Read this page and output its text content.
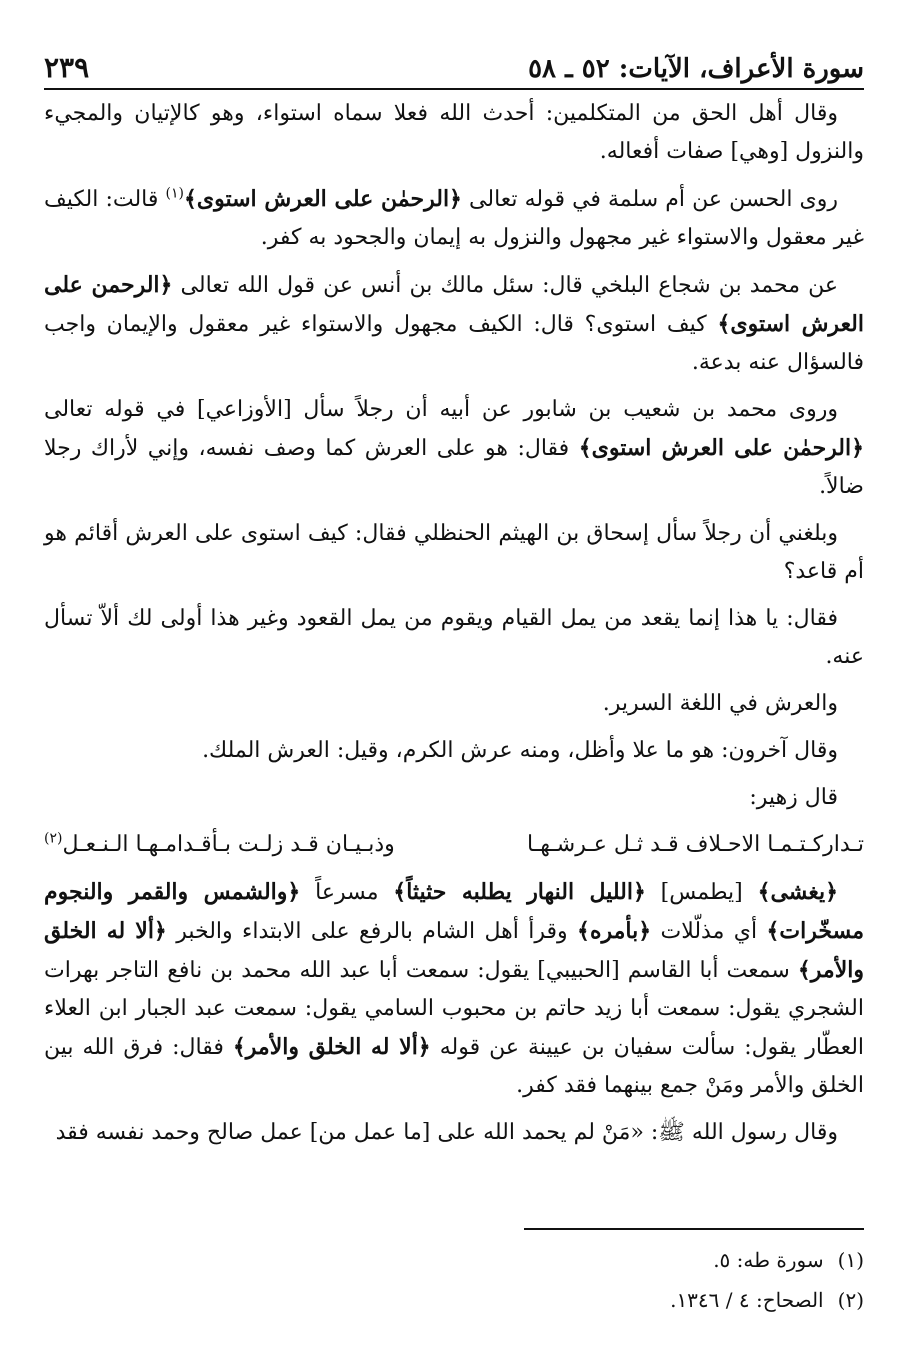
سورة الأعراف، الآيات: ٥٢ ـ ٥٨
٢٣٩

وقال أهل الحق من المتكلمين: أحدث الله فعلا سماه استواء، وهو كالإتيان والمجيء والنزول [وهي] صفات أفعاله.

روى الحسن عن أم سلمة في قوله تعالى ﴿الرحمٰن على العرش استوى﴾$^{(١)}$ قالت: الكيف غير معقول والاستواء غير مجهول والنزول به إيمان والجحود به كفر.

عن محمد بن شجاع البلخي قال: سئل مالك بن أنس عن قول الله تعالى ﴿الرحمن على العرش استوى﴾ كيف استوى؟ قال: الكيف مجهول والاستواء غير معقول والإيمان واجب فالسؤال عنه بدعة.

وروى محمد بن شعيب بن شابور عن أبيه أن رجلاً سأل [الأوزاعي] في قوله تعالى ﴿الرحمٰن على العرش استوى﴾ فقال: هو على العرش كما وصف نفسه، وإني لأراك رجلا ضالاً.

وبلغني أن رجلاً سأل إسحاق بن الهيثم الحنظلي فقال: كيف استوى على العرش أقائم هو أم قاعد؟

فقال: يا هذا إنما يقعد من يمل القيام ويقوم من يمل القعود وغير هذا أولى لك ألاّ تسأل عنه.

والعرش في اللغة السرير.

وقال آخرون: هو ما علا وأظل، ومنه عرش الكرم، وقيل: العرش الملك.

قال زهير:

تـداركـتـمـا الاحـلاف قـد ثـل عـرشـهـا
وذبـيـان قـد زلـت بـأقـدامـهـا الـنـعـل$^{(٢)}$

﴿يغشى﴾ [يطمس] ﴿الليل النهار يطلبه حثيثاً﴾ مسرعاً ﴿والشمس والقمر والنجوم مسخّرات﴾ أي مذلّلات ﴿بأمره﴾ وقرأ أهل الشام بالرفع على الابتداء والخبر ﴿ألا له الخلق والأمر﴾ سمعت أبا القاسم [الحبيبي] يقول: سمعت أبا عبد الله محمد بن نافع التاجر بهرات الشجري يقول: سمعت أبا زيد حاتم بن محبوب السامي يقول: سمعت عبد الجبار ابن العلاء العطّار يقول: سألت سفيان بن عيينة عن قوله ﴿ألا له الخلق والأمر﴾ فقال: فرق الله بين الخلق والأمر ومَنْ جمع بينهما فقد كفر.

وقال رسول الله ﷺ: «مَنْ لم يحمد الله على [ما عمل من] عمل صالح وحمد نفسه فقد

(١)
سورة طه: ٥.
(٢)
الصحاح: ٤ / ١٣٤٦.
